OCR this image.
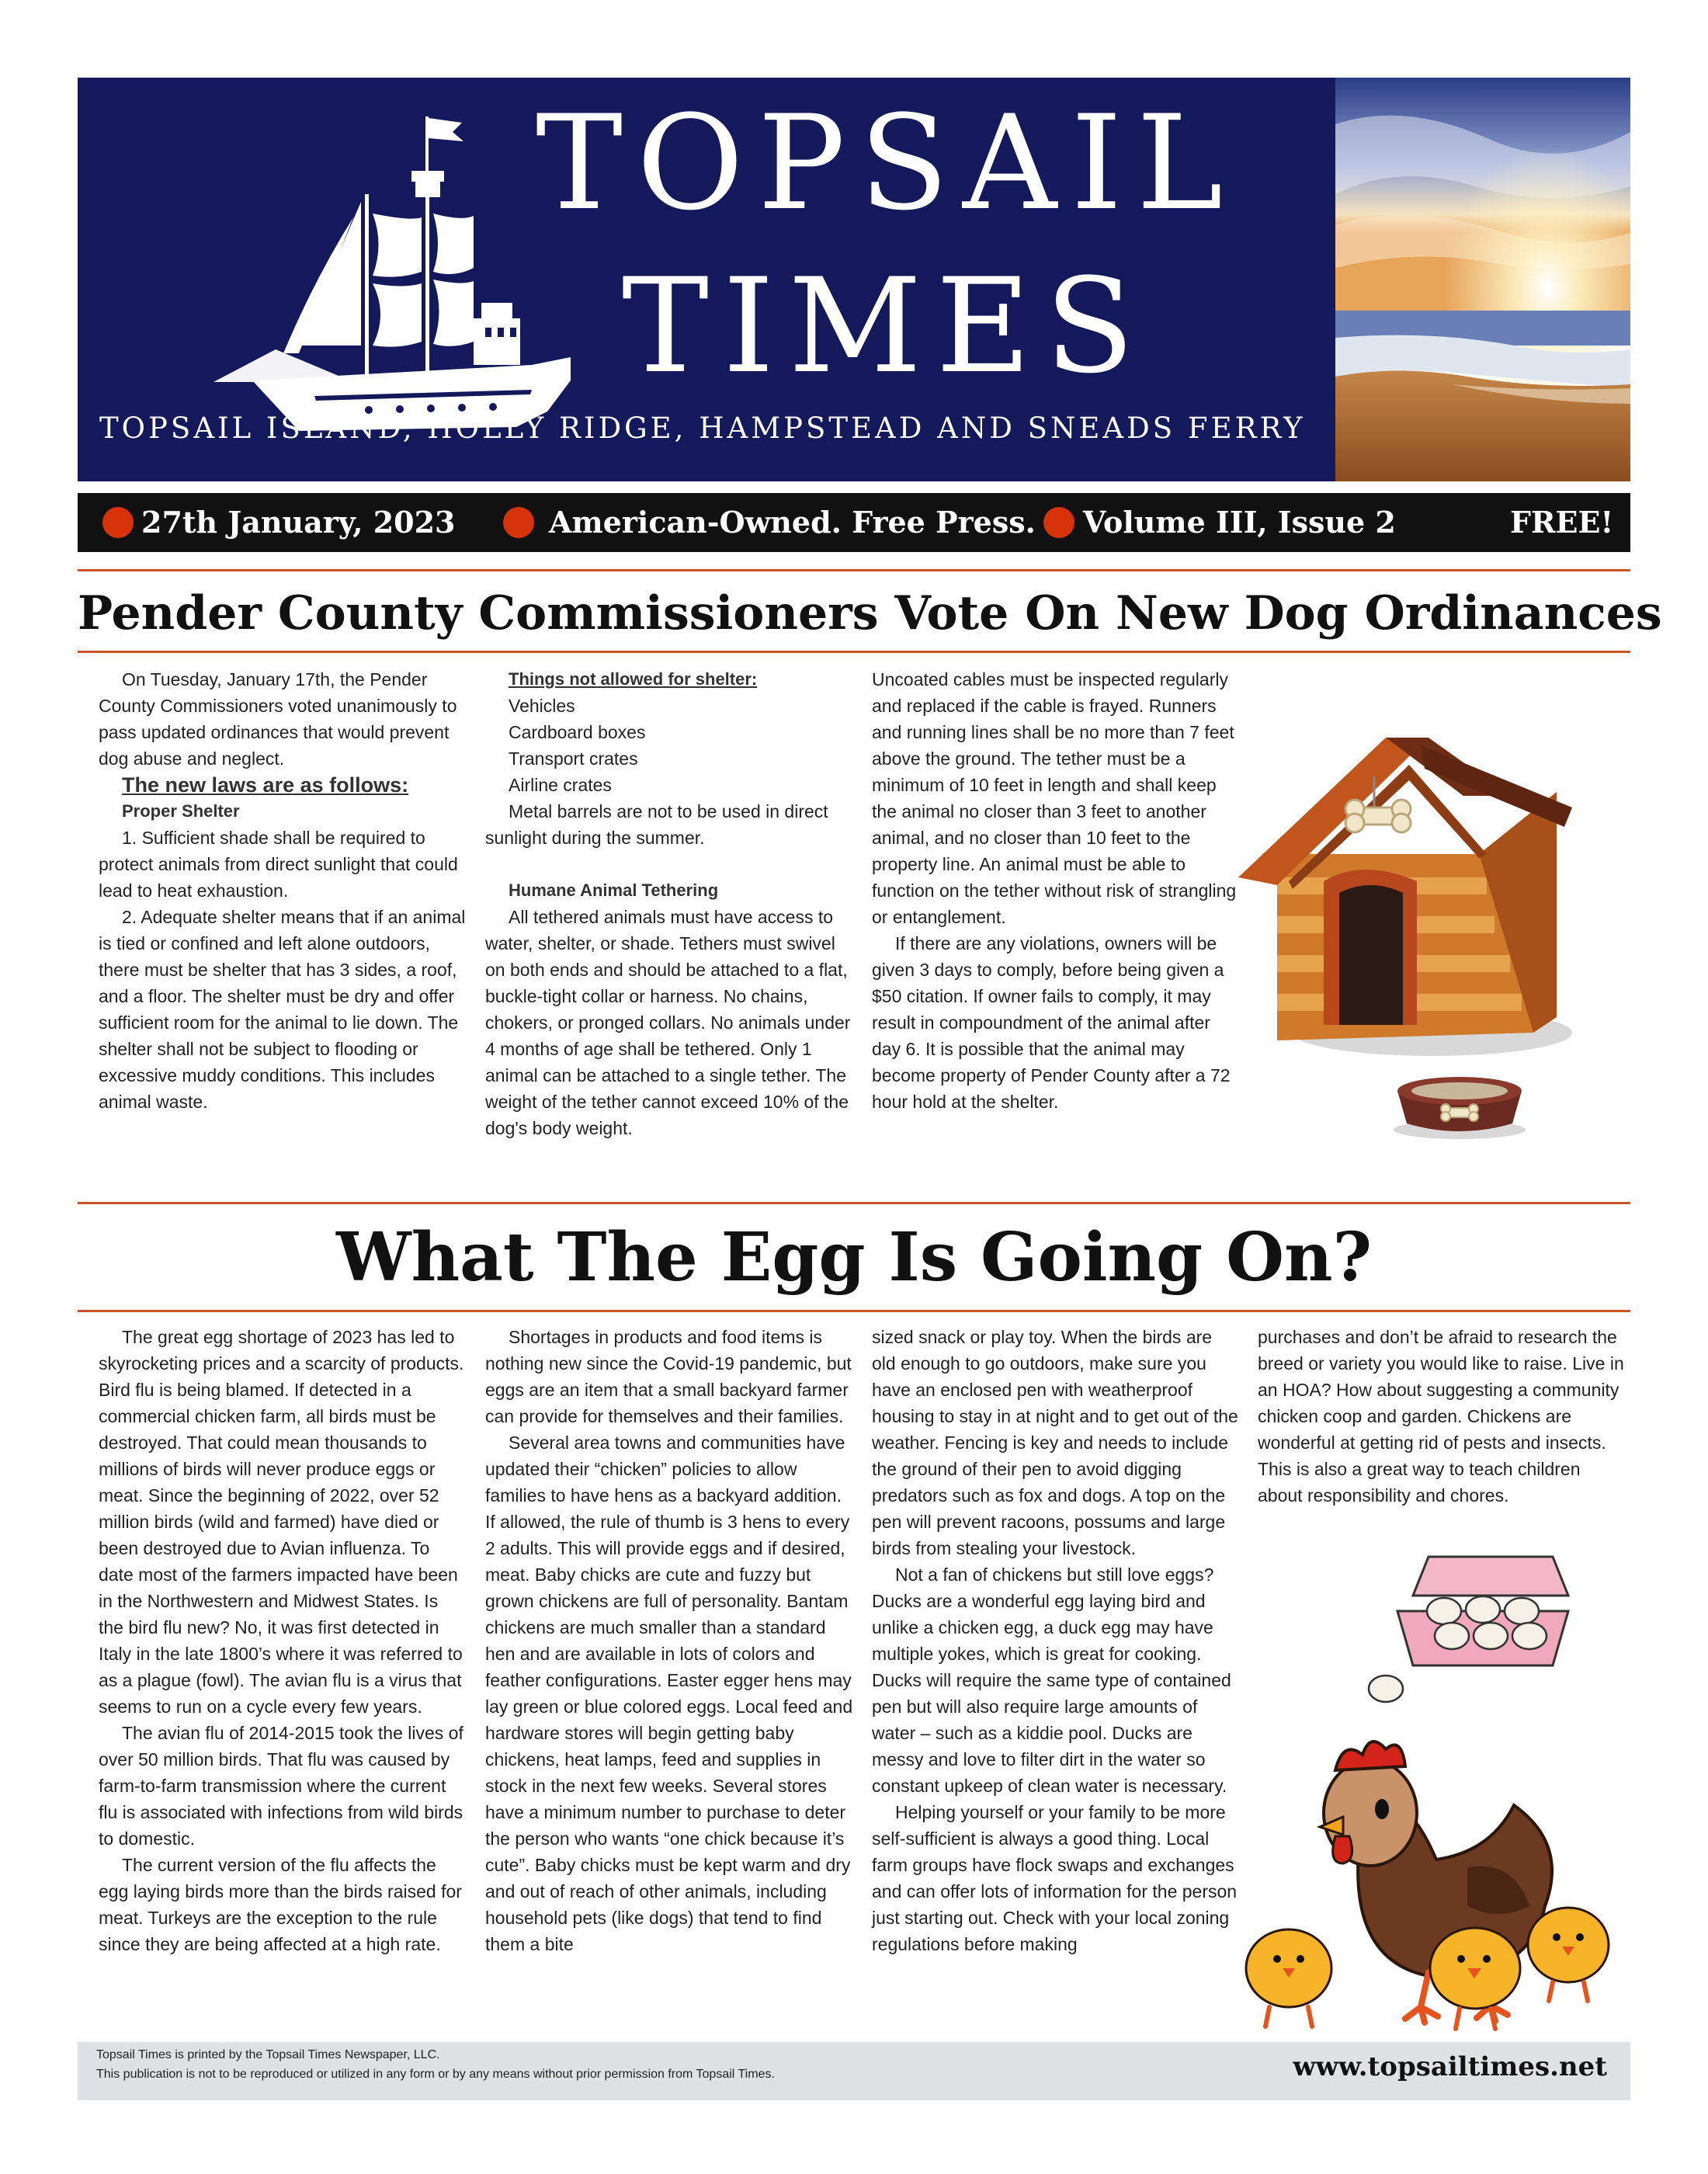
TOPSAIL
TIMES
TOPSAIL ISLAND, HOLLY RIDGE, HAMPSTEAD AND SNEADS FERRY
27th January, 2023	American-Owned. Free Press. Volume III, Issue 2	FREE!
Pender County Commissioners Vote On New Dog Ordinances

On Tuesday, January 17th, the Pender County Commissioners voted unanimously to pass updated ordinances that would prevent dog abuse and neglect.

The new laws are as follows:
Proper Shelter

1. Sufficient shade shall be required to protect animals from direct sunlight that could lead to heat exhaustion.

2. Adequate shelter means that if an animal is tied or confined and left alone outdoors, there must be shelter that has 3 sides, a roof, and a floor. The shelter must be dry and offer sufficient room for the animal to lie down. The shelter shall not be subject to flooding or excessive muddy conditions. This includes animal waste.

Things not allowed for shelter:
Vehicles
Cardboard boxes
Transport crates
Airline crates

Metal barrels are not to be used in direct sunlight during the summer.

Humane Animal Tethering

All tethered animals must have access to water, shelter, or shade. Tethers must swivel on both ends and should be attached to a flat, buckle-tight collar or harness. No chains, chokers, or pronged collars. No animals under 4 months of age shall be tethered. Only 1 animal can be attached to a single tether. The weight of the tether cannot exceed 10% of the dog's body weight.

Uncoated cables must be inspected regularly and replaced if the cable is frayed. Runners and running lines shall be no more than 7 feet above the ground. The tether must be a minimum of 10 feet in length and shall keep the animal no closer than 3 feet to another animal, and no closer than 10 feet to the property line. An animal must be able to function on the tether without risk of strangling or entanglement.

If there are any violations, owners will be given 3 days to comply, before being given a $50 citation. If owner fails to comply, it may result in compoundment of the animal after day 6. It is possible that the animal may become property of Pender County after a 72 hour hold at the shelter.

What The Egg Is Going On?

The great egg shortage of 2023 has led to skyrocketing prices and a scarcity of products. Bird flu is being blamed. If detected in a commercial chicken farm, all birds must be destroyed. That could mean thousands to millions of birds will never produce eggs or meat. Since the beginning of 2022, over 52 million birds (wild and farmed) have died or been destroyed due to Avian influenza. To date most of the farmers impacted have been in the Northwestern and Midwest States. Is the bird flu new? No, it was first detected in Italy in the late 1800’s where it was referred to as a plague (fowl). The avian flu is a virus that seems to run on a cycle every few years.

The avian flu of 2014-2015 took the lives of over 50 million birds. That flu was caused by farm-to-farm transmission where the current flu is associated with infections from wild birds to domestic.

The current version of the flu affects the egg laying birds more than the birds raised for meat. Turkeys are the exception to the rule since they are being affected at a high rate.

Shortages in products and food items is nothing new since the Covid-19 pandemic, but eggs are an item that a small backyard farmer can provide for themselves and their families.

Several area towns and communities have updated their “chicken” policies to allow families to have hens as a backyard addition. If allowed, the rule of thumb is 3 hens to every 2 adults. This will provide eggs and if desired, meat. Baby chicks are cute and fuzzy but grown chickens are full of personality. Bantam chickens are much smaller than a standard hen and are available in lots of colors and feather configurations. Easter egger hens may lay green or blue colored eggs. Local feed and hardware stores will begin getting baby chickens, heat lamps, feed and supplies in stock in the next few weeks. Several stores have a minimum number to purchase to deter the person who wants “one chick because it’s cute”. Baby chicks must be kept warm and dry and out of reach of other animals, including household pets (like dogs) that tend to find them a bite

sized snack or play toy. When the birds are old enough to go outdoors, make sure you have an enclosed pen with weatherproof housing to stay in at night and to get out of the weather. Fencing is key and needs to include the ground of their pen to avoid digging predators such as fox and dogs. A top on the pen will prevent racoons, possums and large birds from stealing your livestock.

Not a fan of chickens but still love eggs? Ducks are a wonderful egg laying bird and unlike a chicken egg, a duck egg may have multiple yokes, which is great for cooking. Ducks will require the same type of contained pen but will also require large amounts of water – such as a kiddie pool. Ducks are messy and love to filter dirt in the water so constant upkeep of clean water is necessary.

Helping yourself or your family to be more self-sufficient is always a good thing. Local farm groups have flock swaps and exchanges and can offer lots of information for the person just starting out. Check with your local zoning regulations before making

purchases and don’t be afraid to research the breed or variety you would like to raise. Live in an HOA? How about suggesting a community chicken coop and garden. Chickens are wonderful at getting rid of pests and insects. This is also a great way to teach children about responsibility and chores.

Topsail Times is printed by the Topsail Times Newspaper, LLC.
This publication is not to be reproduced or utilized in any form or by any means without prior permission from Topsail Times.	www.topsailtimes.net
